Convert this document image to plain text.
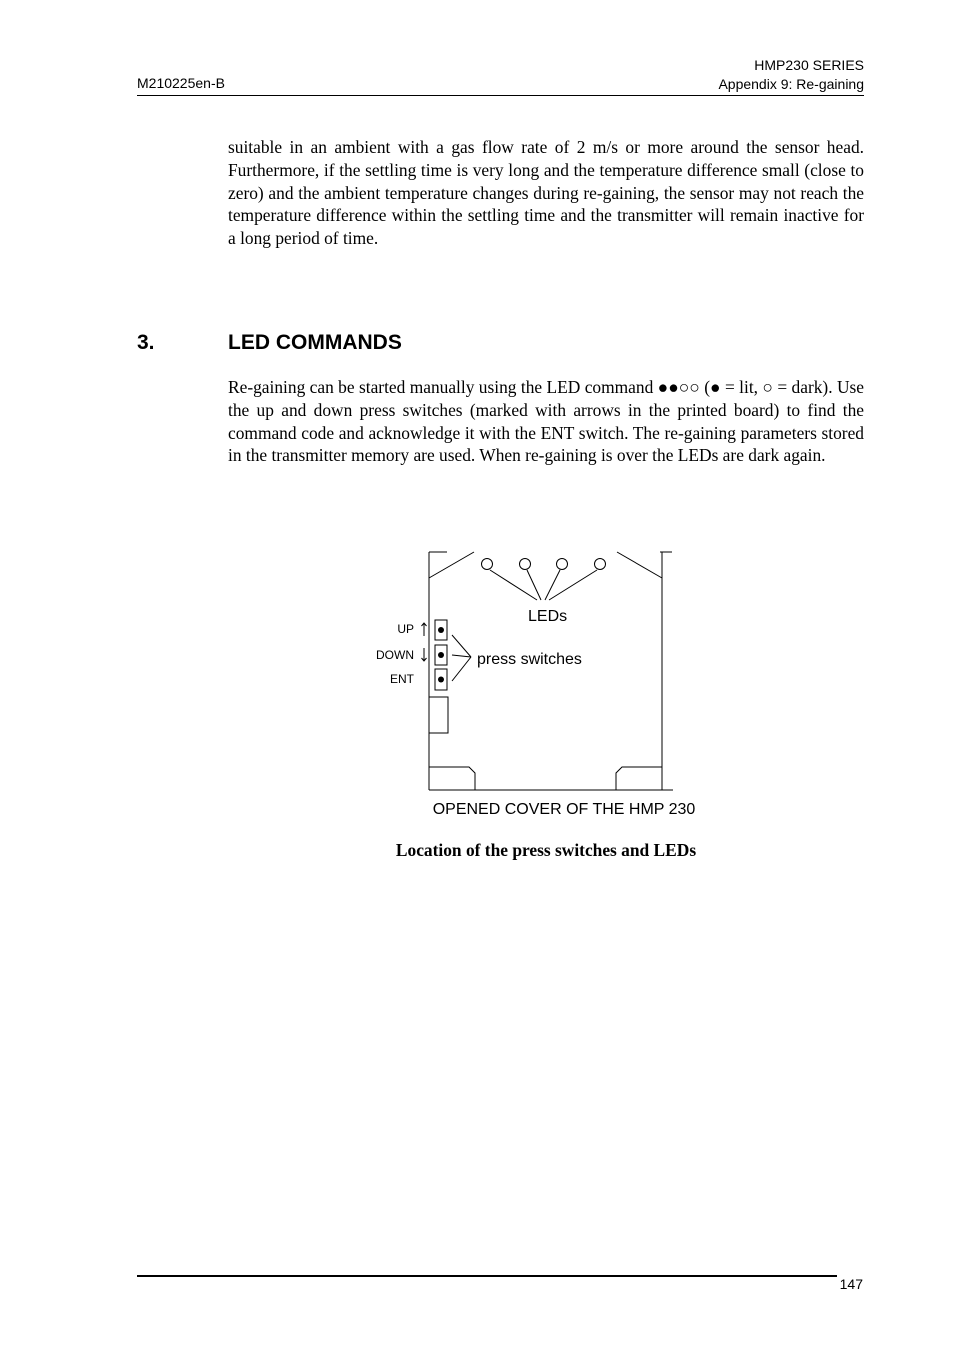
M210225en-B
HMP230 SERIES
Appendix 9: Re-gaining

suitable in an ambient with a gas flow rate of 2 m/s or more around the sensor head. Furthermore, if the settling time is very long and the temperature difference small (close to zero) and the ambient temperature changes during re-gaining, the sensor may not reach the temperature difference within the settling time and the transmitter will remain inactive for a long period of time.

3.	LED COMMANDS

Re-gaining can be started manually using the LED command ●●○○ (● = lit, ○ = dark). Use the up and down press switches (marked with arrows in the printed board) to find the command code and acknowledge it with the ENT switch. The re-gaining parameters stored in the transmitter memory are used. When re-gaining is over the LEDs are dark again.

LEDs
press switches
UP
DOWN
ENT
OPENED COVER OF THE HMP 230
Location of the press switches and LEDs
147
